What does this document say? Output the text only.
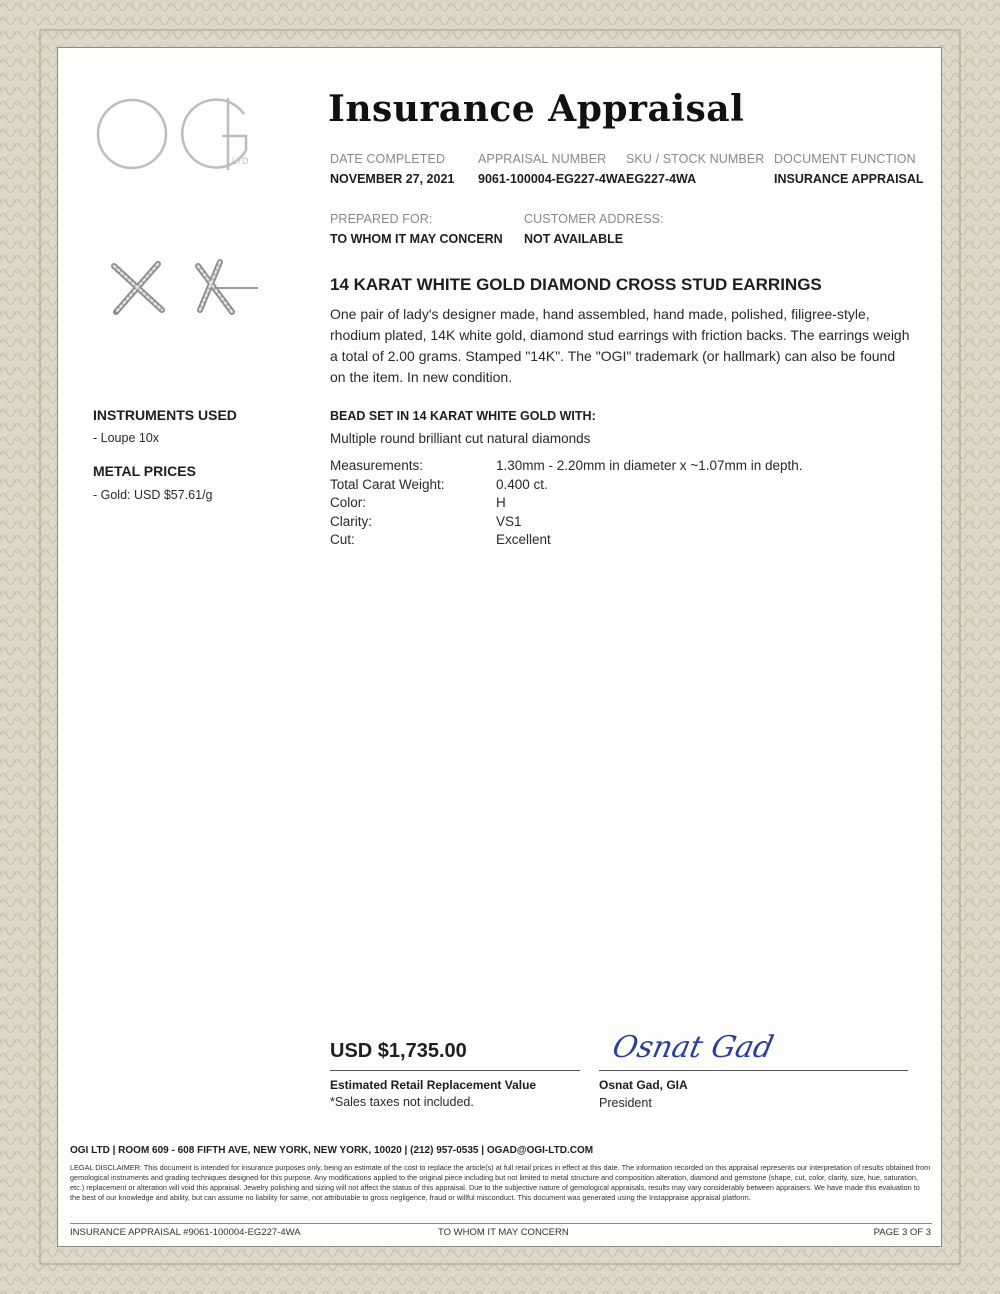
LTD
Insurance Appraisal
DATE COMPLETED
NOVEMBER 27, 2021
APPRAISAL NUMBER
9061-100004-EG227-4WA
SKU / STOCK NUMBER
EG227-4WA
DOCUMENT FUNCTION
INSURANCE APPRAISAL
PREPARED FOR:
TO WHOM IT MAY CONCERN
CUSTOMER ADDRESS:
NOT AVAILABLE
14 KARAT WHITE GOLD DIAMOND CROSS STUD EARRINGS
One pair of lady's designer made, hand assembled, hand made, polished, filigree-style, rhodium plated, 14K white gold, diamond stud earrings with friction backs. The earrings weigh a total of 2.00 grams. Stamped "14K". The "OGI" trademark (or hallmark) can also be found on the item. In new condition.
INSTRUMENTS USED
- Loupe 10x
METAL PRICES
- Gold: USD $57.61/g
BEAD SET IN 14 KARAT WHITE GOLD WITH:
Multiple round brilliant cut natural diamonds
Measurements:	1.30mm - 2.20mm in diameter x ~1.07mm in depth.
Total Carat Weight:	0.400 ct.
Color:	H
Clarity:	VS1
Cut:	Excellent
USD $1,735.00
Estimated Retail Replacement Value
*Sales taxes not included.
Osnat Gad
Osnat Gad, GIA
President
OGI LTD | ROOM 609 - 608 FIFTH AVE, NEW YORK, NEW YORK, 10020 | (212) 957-0535 | OGAD@OGI-LTD.COM
LEGAL DISCLAIMER: This document is intended for insurance purposes only, being an estimate of the cost to replace the article(s) at full retail prices in effect at this date. The information recorded on this appraisal represents our interpretation of results obtained from gemological instruments and grading techniques designed for this purpose. Any modifications applied to the original piece including but not limited to metal structure and composition alteration, diamond and gemstone (shape, cut, color, clarity, size, hue, saturation, etc.) replacement or alteration will void this appraisal. Jewelry polishing and sizing will not affect the status of this appraisal. Due to the subjective nature of gemological appraisals, results may vary considerably between appraisers. We have made this evaluation to the best of our knowledge and ability, but can assume no liability for same, not attributable to gross negligence, fraud or willful misconduct. This document was generated using the Instappraise appraisal platform.
INSURANCE APPRAISAL #9061-100004-EG227-4WA	TO WHOM IT MAY CONCERN	PAGE 3 OF 3
